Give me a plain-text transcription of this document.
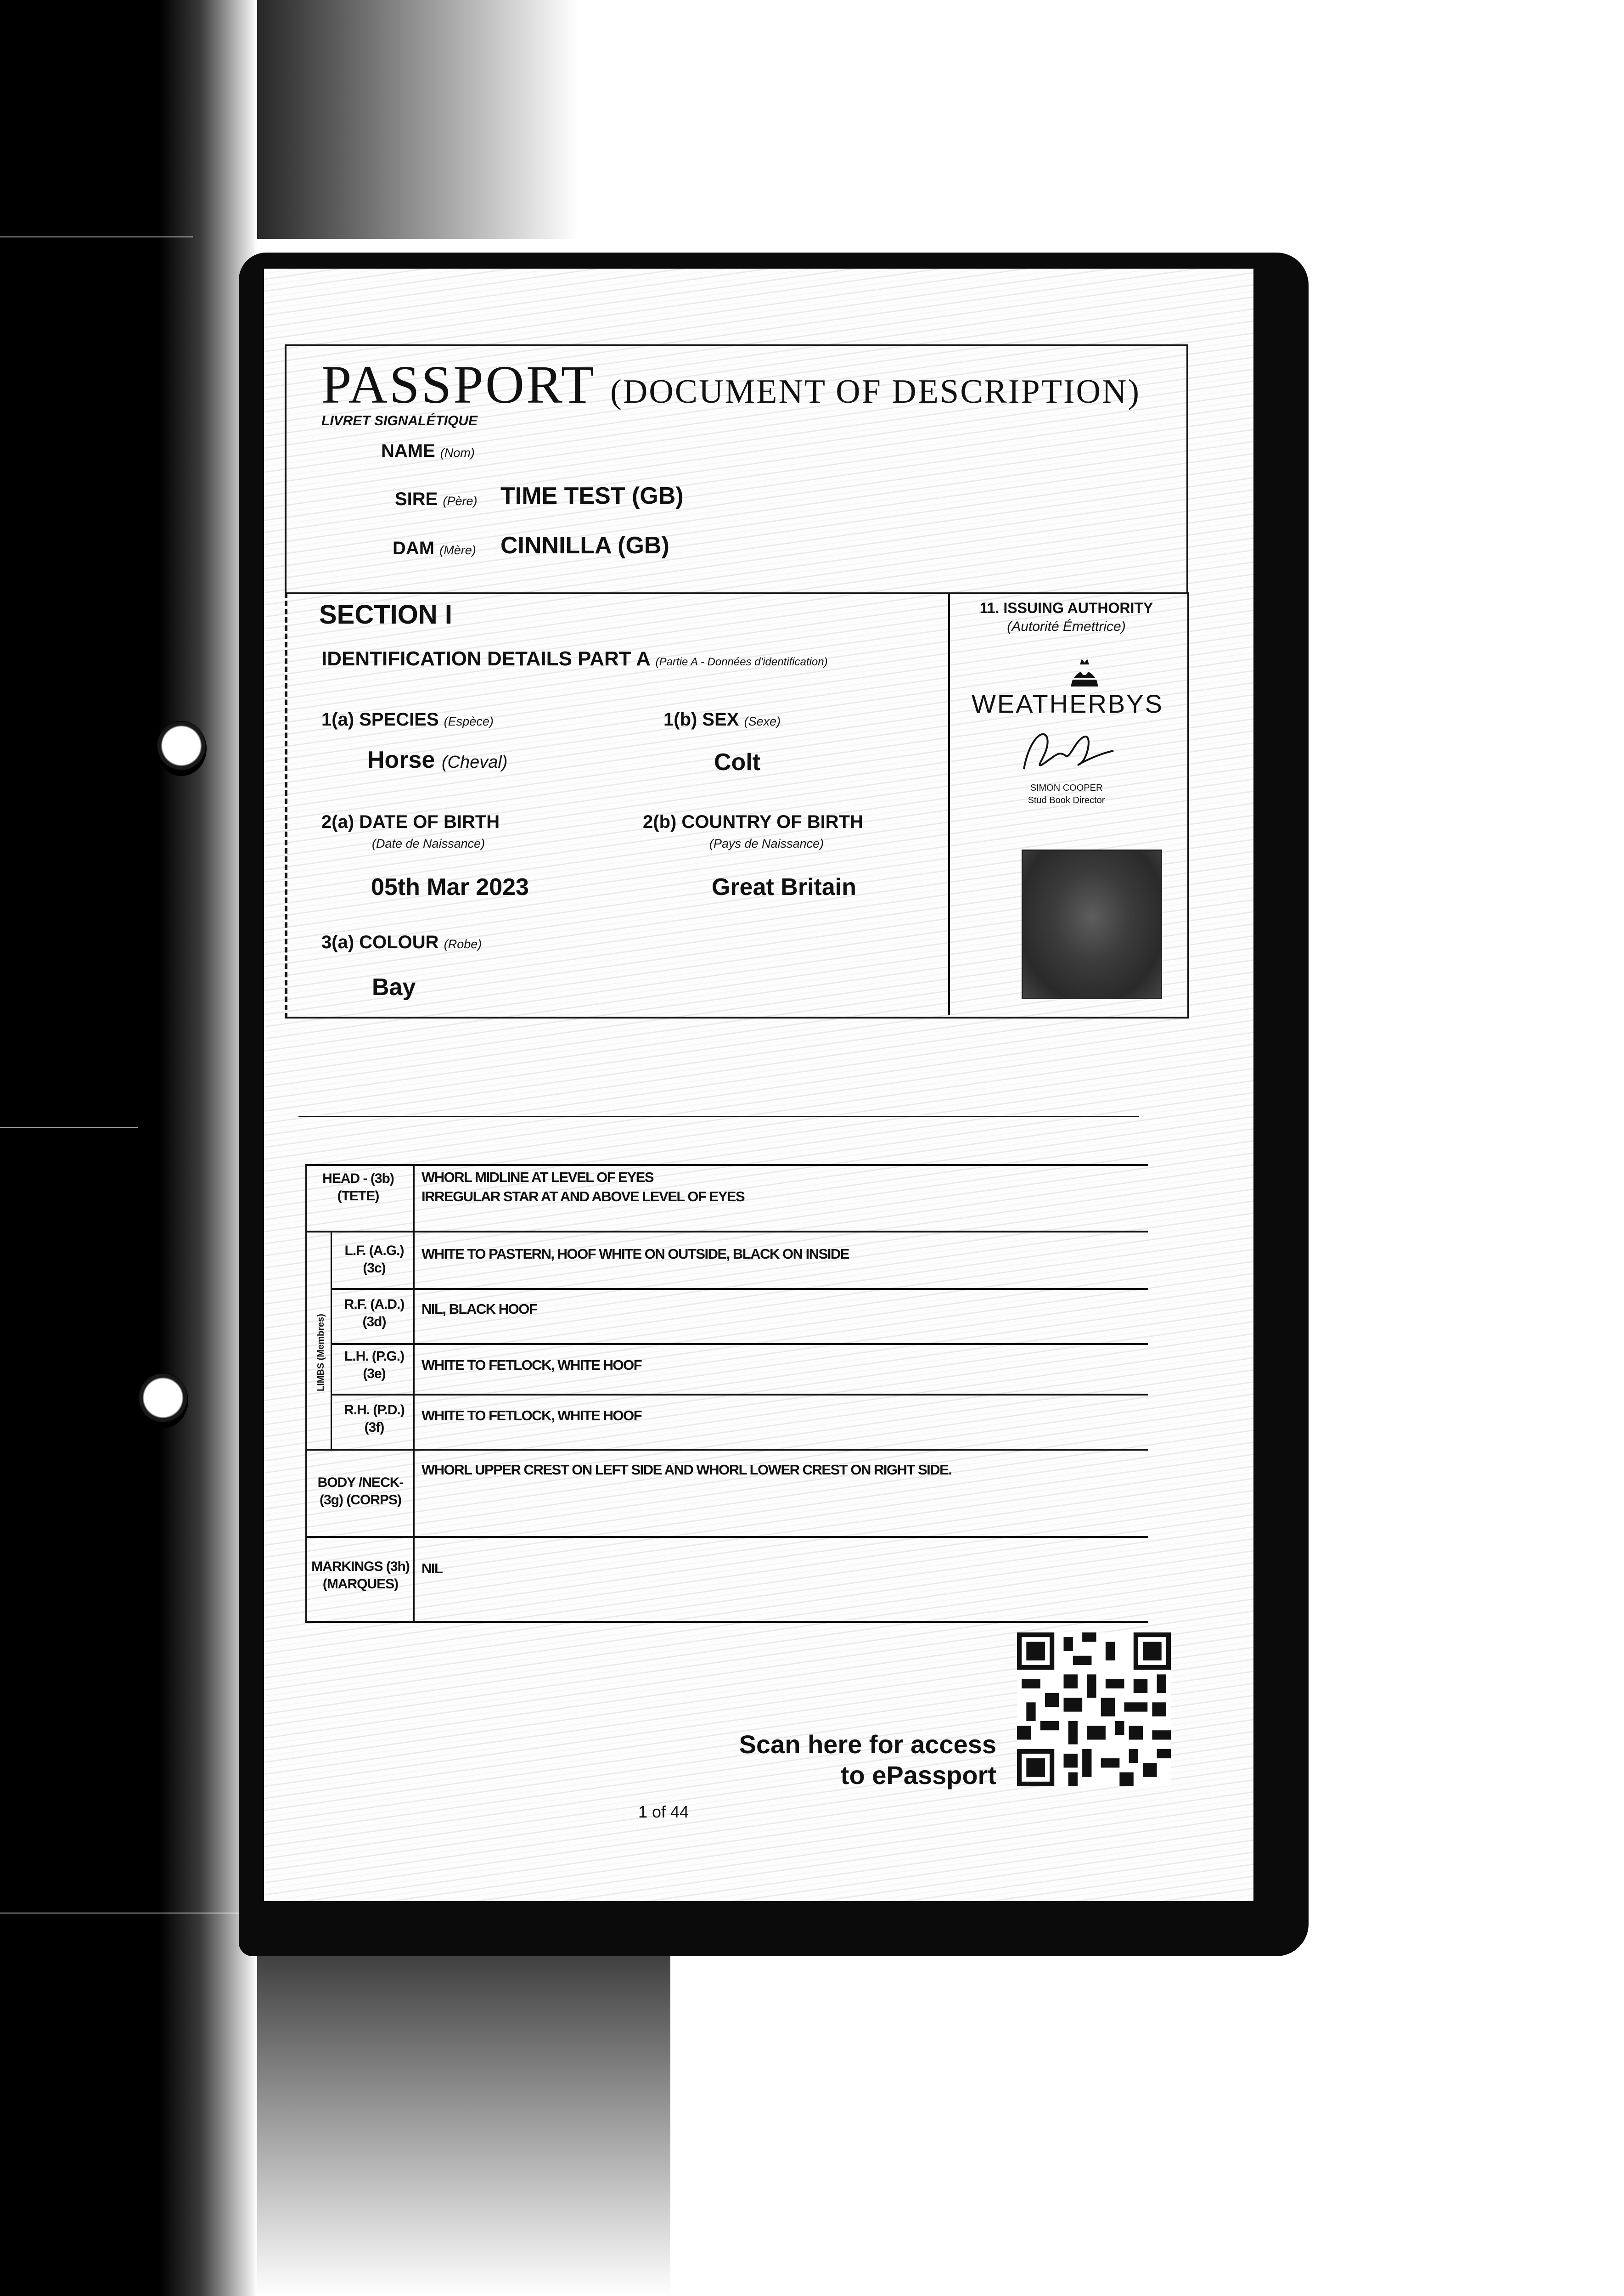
PASSPORT (DOCUMENT OF DESCRIPTION)
LIVRET SIGNALÉTIQUE
NAME (Nom)
SIRE (Père) TIME TEST (GB)
DAM (Mère) CINNILLA (GB)
SECTION I
IDENTIFICATION DETAILS PART A (Partie A - Données d'identification)
1(a) SPECIES (Espèce)
Horse (Cheval)
1(b) SEX (Sexe)
Colt
2(a) DATE OF BIRTH
(Date de Naissance)
05th Mar 2023
2(b) COUNTRY OF BIRTH
(Pays de Naissance)
Great Britain
3(a) COLOUR (Robe)
Bay
11. ISSUING AUTHORITY
(Autorité Émettrice)
WEATHERBYS
SIMON COOPER
Stud Book Director
HEAD - (3b)
(TETE)
WHORL MIDLINE AT LEVEL OF EYES
IRREGULAR STAR AT AND ABOVE LEVEL OF EYES
L.F. (A.G.)
(3c)
WHITE TO PASTERN, HOOF WHITE ON OUTSIDE, BLACK ON INSIDE
R.F. (A.D.)
(3d)
NIL, BLACK HOOF
L.H. (P.G.)
(3e)
WHITE TO FETLOCK, WHITE HOOF
R.H. (P.D.)
(3f)
WHITE TO FETLOCK, WHITE HOOF
BODY /NECK-
(3g) (CORPS)
WHORL UPPER CREST ON LEFT SIDE AND WHORL LOWER CREST ON RIGHT SIDE.
MARKINGS (3h)
(MARQUES)
NIL
LIMBS (Membres)
Scan here for access
to ePassport
1 of 44
